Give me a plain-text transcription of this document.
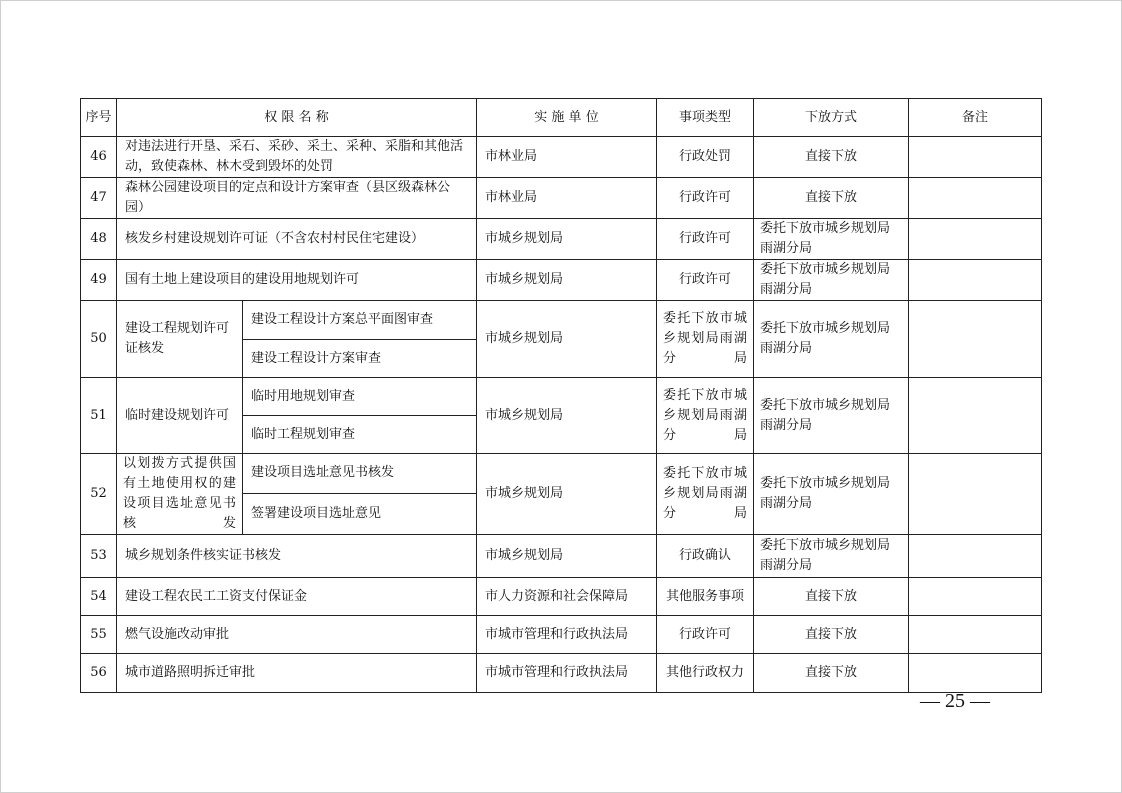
序号	权 限 名 称		实 施 单 位	事项类型	下放方式	备注
46	对违法进行开垦、采石、采砂、采土、采种、采脂和其他活动，致使森林、林木受到毁坏的处罚		市林业局	行政处罚	直接下放	
47	森林公园建设项目的定点和设计方案审查（县区级森林公园）		市林业局	行政许可	直接下放	
48	核发乡村建设规划许可证（不含农村村民住宅建设）		市城乡规划局	行政许可	委托下放市城乡规划局雨湖分局	
49	国有土地上建设项目的建设用地规划许可		市城乡规划局	行政许可	委托下放市城乡规划局雨湖分局	
50	建设工程规划许可证核发	建设工程设计方案总平面图审查	市城乡规划局	委托下放市城乡规划局雨湖分局	委托下放市城乡规划局雨湖分局	
		建设工程设计方案审查				
51	临时建设规划许可	临时用地规划审查	市城乡规划局	委托下放市城乡规划局雨湖分局	委托下放市城乡规划局雨湖分局	
		临时工程规划审查				
52	以划拨方式提供国有土地使用权的建设项目选址意见书核发	建设项目选址意见书核发	市城乡规划局	委托下放市城乡规划局雨湖分局	委托下放市城乡规划局雨湖分局	
		签署建设项目选址意见				
53	城乡规划条件核实证书核发		市城乡规划局	行政确认	委托下放市城乡规划局雨湖分局	
54	建设工程农民工工资支付保证金		市人力资源和社会保障局	其他服务事项	直接下放	
55	燃气设施改动审批		市城市管理和行政执法局	行政许可	直接下放	
56	城市道路照明拆迁审批		市城市管理和行政执法局	其他行政权力	直接下放	
— 25 —
